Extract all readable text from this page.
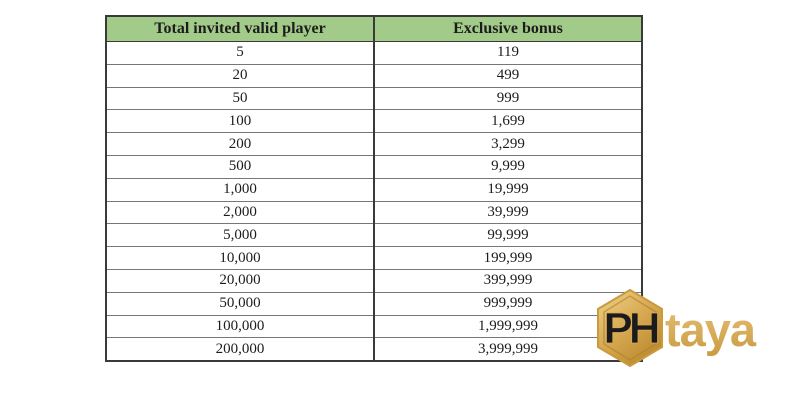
Total invited valid player	Exclusive bonus
5	119
20	499
50	999
100	1,699
200	3,299
500	9,999
1,000	19,999
2,000	39,999
5,000	99,999
10,000	199,999
20,000	399,999
50,000	999,999
100,000	1,999,999
200,000	3,999,999 PH taya
